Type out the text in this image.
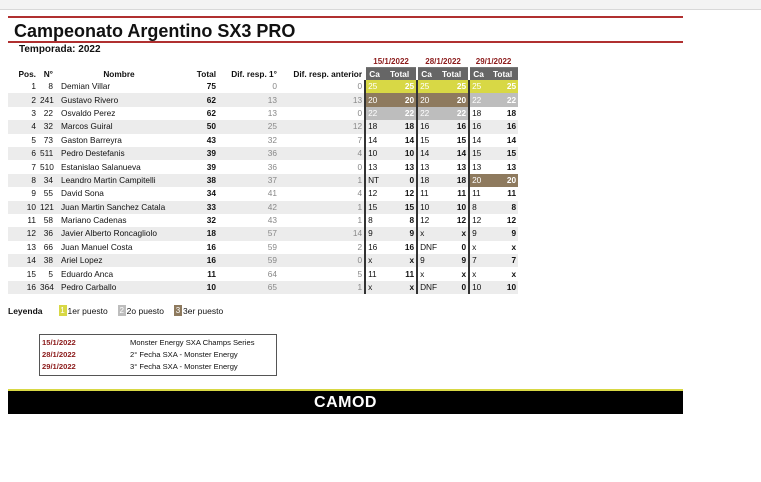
Campeonato Argentino SX3 PRO
Temporada: 2022
						15/1/2022		28/1/2022		29/1/2022	
Pos.	N°	Nombre	Total	Dif. resp. 1°	Dif. resp. anterior	Ca	Total	Ca	Total	Ca	Total
1	8	Demian Villar	75	0	0	25	25	25	25	25	25
2	241	Gustavo Rivero	62	13	13	20	20	20	20	22	22
3	22	Osvaldo Perez	62	13	0	22	22	22	22	18	18
4	32	Marcos Guiral	50	25	12	18	18	16	16	16	16
5	73	Gaston Barreyra	43	32	7	14	14	15	15	14	14
6	511	Pedro Destefanis	39	36	4	10	10	14	14	15	15
7	510	Estanislao Salanueva	39	36	0	13	13	13	13	13	13
8	34	Leandro Martin Campitelli	38	37	1	NT	0	18	18	20	20
9	55	David Sona	34	41	4	12	12	11	11	11	11
10	121	Juan Martin Sanchez Catala	33	42	1	15	15	10	10	8	8
11	58	Mariano Cadenas	32	43	1	8	8	12	12	12	12
12	36	Javier Alberto Roncagliolo	18	57	14	9	9	x	x	9	9
13	66	Juan Manuel Costa	16	59	2	16	16	DNF	0	x	x
14	38	Ariel Lopez	16	59	0	x	x	9	9	7	7
15	5	Eduardo Anca	11	64	5	11	11	x	x	x	x
16	364	Pedro Carballo	10	65	1	x	x	DNF	0	10	10
Leyenda 1 1er puesto 2 2o puesto 3 3er puesto
15/1/2022	Monster Energy SXA Champs Series
28/1/2022	2° Fecha SXA - Monster Energy
29/1/2022	3° Fecha SXA - Monster Energy
CAMOD
